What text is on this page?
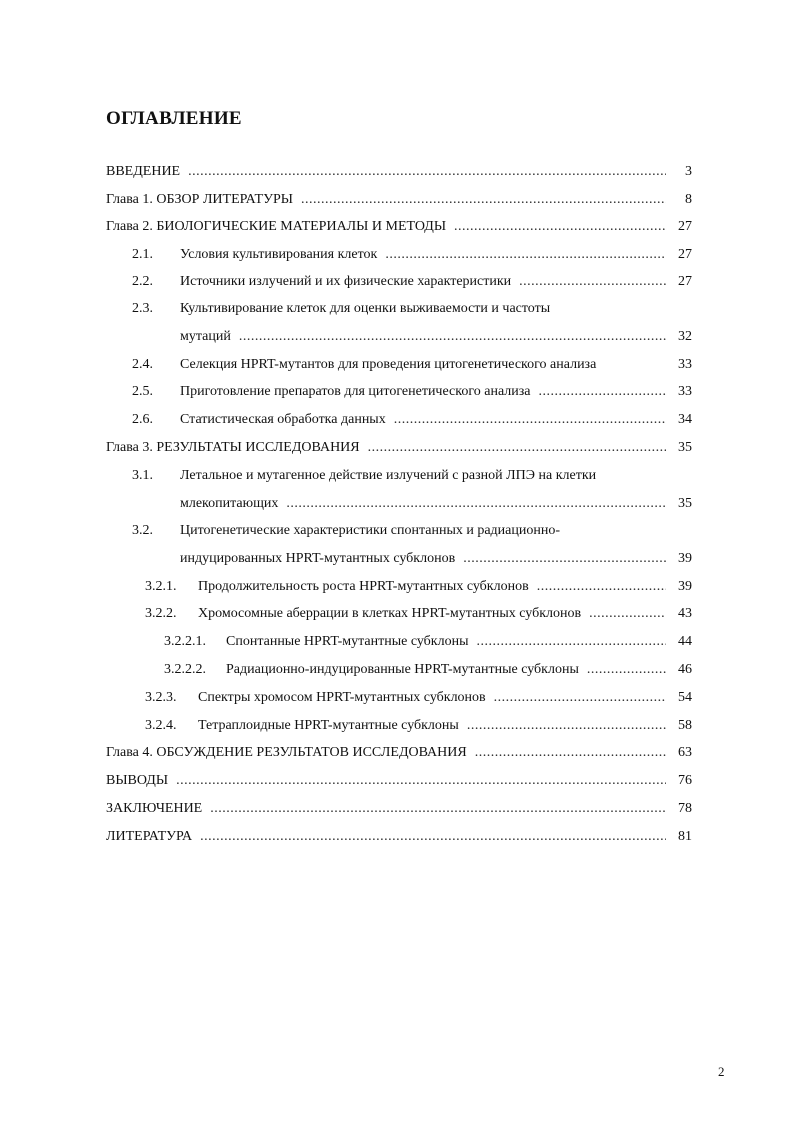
ОГЛАВЛЕНИЕ
ВВЕДЕНИЕ .....	3
Глава 1. ОБЗОР ЛИТЕРАТУРЫ .....	8
Глава 2. БИОЛОГИЧЕСКИЕ МАТЕРИАЛЫ И МЕТОДЫ .....	27
2.1.	Условия культивирования клеток .....	27
2.2.	Источники излучений и их физические характеристики .....	27
2.3.	Культивирование клеток для оценки выживаемости и частоты
мутаций .....	32
2.4.	Селекция HPRT-мутантов для проведения цитогенетического анализа	33
2.5.	Приготовление препаратов для цитогенетического анализа .....	33
2.6.	Статистическая обработка данных .....	34
Глава 3. РЕЗУЛЬТАТЫ ИССЛЕДОВАНИЯ .....	35
3.1.	Летальное и мутагенное действие излучений с разной ЛПЭ на клетки
млекопитающих .....	35
3.2.	Цитогенетические характеристики спонтанных и радиационно-
индуцированных HPRT-мутантных субклонов .....	39
3.2.1.	Продолжительность роста HPRT-мутантных субклонов .....	39
3.2.2.	Хромосомные аберрации в клетках HPRT-мутантных субклонов .....	43
3.2.2.1.	Спонтанные HPRT-мутантные субклоны .....	44
3.2.2.2.	Радиационно-индуцированные HPRT-мутантные субклоны .....	46
3.2.3.	Спектры хромосом HPRT-мутантных субклонов .....	54
3.2.4.	Тетраплоидные HPRT-мутантные субклоны .....	58
Глава 4. ОБСУЖДЕНИЕ РЕЗУЛЬТАТОВ ИССЛЕДОВАНИЯ .....	63
ВЫВОДЫ .....	76
ЗАКЛЮЧЕНИЕ .....	78
ЛИТЕРАТУРА .....	81
2
